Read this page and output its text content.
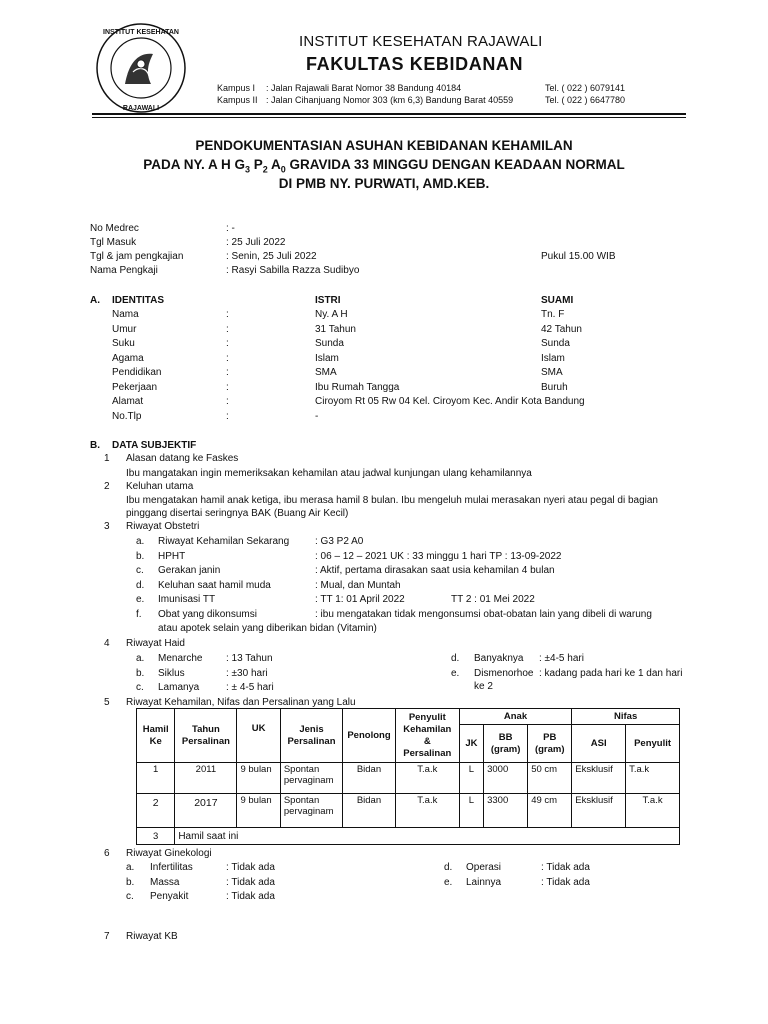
INSTITUT KESEHATAN
RAJAWALI
INSTITUT KESEHATAN RAJAWALI
FAKULTAS KEBIDANAN
Kampus I : Jalan Rajawali Barat Nomor 38 Bandung 40184	Tel. ( 022 ) 6079141
Kampus II : Jalan Cihanjuang Nomor 303 (km 6,3) Bandung Barat 40559	Tel. ( 022 ) 6647780
PENDOKUMENTASIAN ASUHAN KEBIDANAN KEHAMILAN
PADA NY. A H $G_3$ $P_2$ $A_0$ GRAVIDA 33 MINGGU DENGAN KEADAAN NORMAL
DI PMB NY. PURWATI, AMD.KEB.
No Medrec	: -
Tgl Masuk	: 25 Juli 2022
Tgl & jam pengkajian	: Senin, 25 Juli 2022	Pukul 15.00 WIB
Nama Pengkaji	: Rasyi Sabilla Razza Sudibyo
A. IDENTITAS	ISTRI	SUAMI
Nama	:	Ny. A H	Tn. F
Umur	:	31 Tahun	42 Tahun
Suku	:	Sunda	Sunda
Agama	:	Islam	Islam
Pendidikan	:	SMA	SMA
Pekerjaan	:	Ibu Rumah Tangga	Buruh
Alamat	:	Ciroyom Rt 05 Rw 04 Kel. Ciroyom Kec. Andir Kota Bandung
No.Tlp	:	-
B. DATA SUBJEKTIF
1 Alasan datang ke Faskes
Ibu mangatakan ingin memeriksakan kehamilan atau jadwal kunjungan ulang kehamilannya
2 Keluhan utama
Ibu mengatakan hamil anak ketiga, ibu merasa hamil 8 bulan. Ibu mengeluh mulai merasakan nyeri atau pegal di bagian
pinggang disertai seringnya BAK (Buang Air Kecil)
3 Riwayat Obstetri
a. Riwayat Kehamilan Sekarang	: G3 P2 A0
b. HPHT	: 06 – 12 – 2021 UK : 33 minggu 1 hari TP : 13-09-2022
c. Gerakan janin	: Aktif, pertama dirasakan saat usia kehamilan 4 bulan
d. Keluhan saat hamil muda	: Mual, dan Muntah
e. Imunisasi TT	: TT 1: 01 April 2022	TT 2 : 01 Mei 2022
f. Obat yang dikonsumsi	: ibu mengatakan tidak mengonsumsi obat-obatan lain yang dibeli di warung
atau apotek selain yang diberikan bidan (Vitamin)
4 Riwayat Haid
a. Menarche : 13 Tahun
b. Siklus	: ±30 hari
c. Lamanya	: ± 4-5 hari
d. Banyaknya : ±4-5 hari
e. Dismenorhoe : kadang pada hari ke 1 dan hari
ke 2
5 Riwayat Kehamilan, Nifas dan Persalinan yang Lalu
Hamil Ke	Tahun Persalinan	UK	Jenis Persalinan	Penolong	Penyulit Kehamilan & Persalinan	Anak			Nifas	
						JK	BB (gram)	PB (gram)	ASI	Penyulit
1	2011	9 bulan	Spontan pervaginam	Bidan	T.a.k	L	3000	50 cm	Eksklusif	T.a.k
2	2017	9 bulan	Spontan pervaginam	Bidan	T.a.k	L	3300	49 cm	Eksklusif	T.a.k
3	Hamil saat ini									
6 Riwayat Ginekologi
a. Infertilitas	: Tidak ada
b. Massa	: Tidak ada
c. Penyakit	: Tidak ada
d. Operasi	: Tidak ada
e. Lainnya	: Tidak ada
7 Riwayat KB
